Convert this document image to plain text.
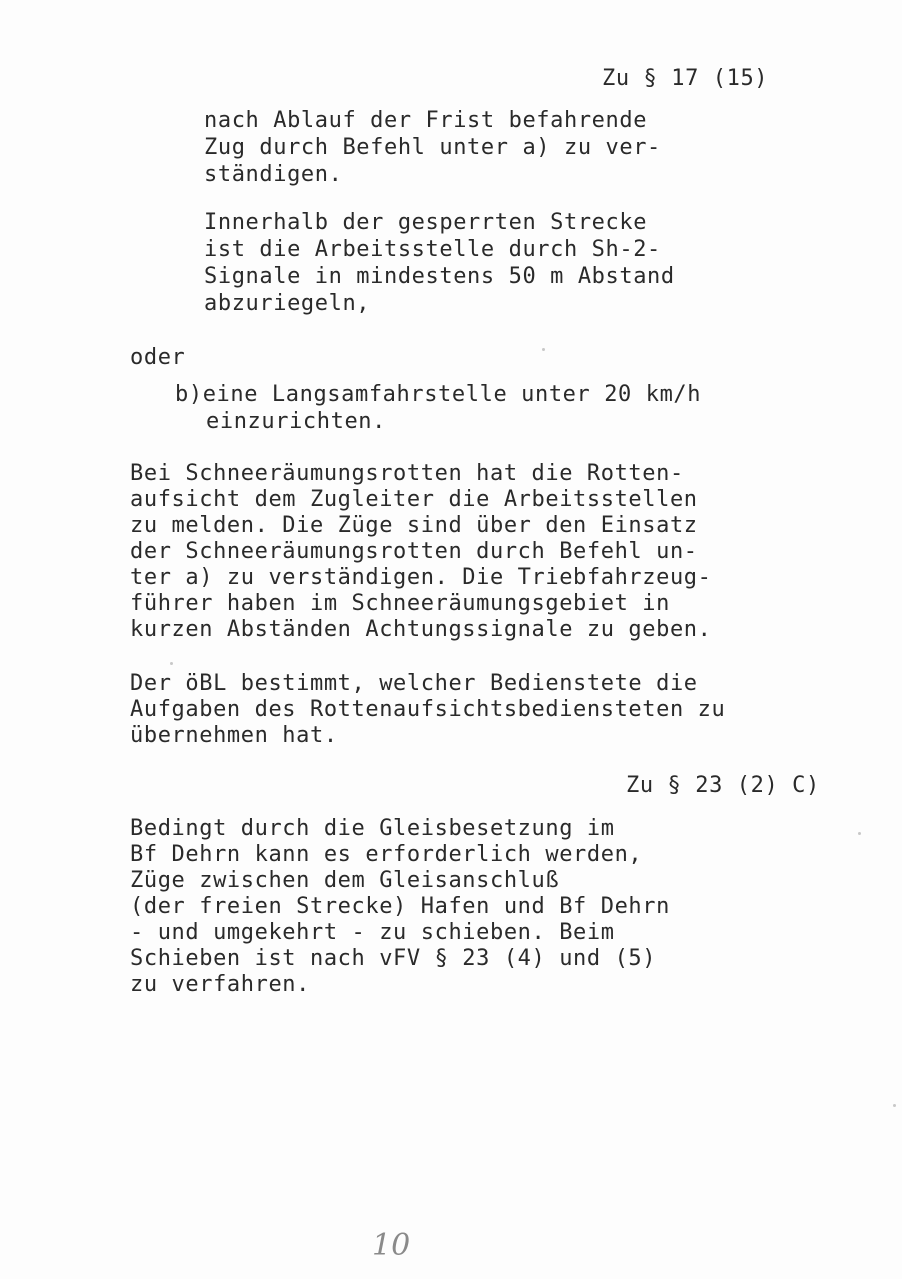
Zu § 17 (15)
nach Ablauf der Frist befahrende
Zug durch Befehl unter a) zu ver-
ständigen.
Innerhalb der gesperrten Strecke
ist die Arbeitsstelle durch Sh-2-
Signale in mindestens 50 m Abstand
abzuriegeln,
oder
b)eine Langsamfahrstelle unter 20 km/h
einzurichten.
Bei Schneeräumungsrotten hat die Rotten-
aufsicht dem Zugleiter die Arbeitsstellen
zu melden. Die Züge sind über den Einsatz
der Schneeräumungsrotten durch Befehl un-
ter a) zu verständigen. Die Triebfahrzeug-
führer haben im Schneeräumungsgebiet in
kurzen Abständen Achtungssignale zu geben.
Der öBL bestimmt, welcher Bedienstete die
Aufgaben des Rottenaufsichtsbediensteten zu
übernehmen hat.
Zu § 23 (2) C)
Bedingt durch die Gleisbesetzung im
Bf Dehrn kann es erforderlich werden,
Züge zwischen dem Gleisanschluß
(der freien Strecke) Hafen und Bf Dehrn
- und umgekehrt - zu schieben. Beim
Schieben ist nach vFV § 23 (4) und (5)
zu verfahren.
10
